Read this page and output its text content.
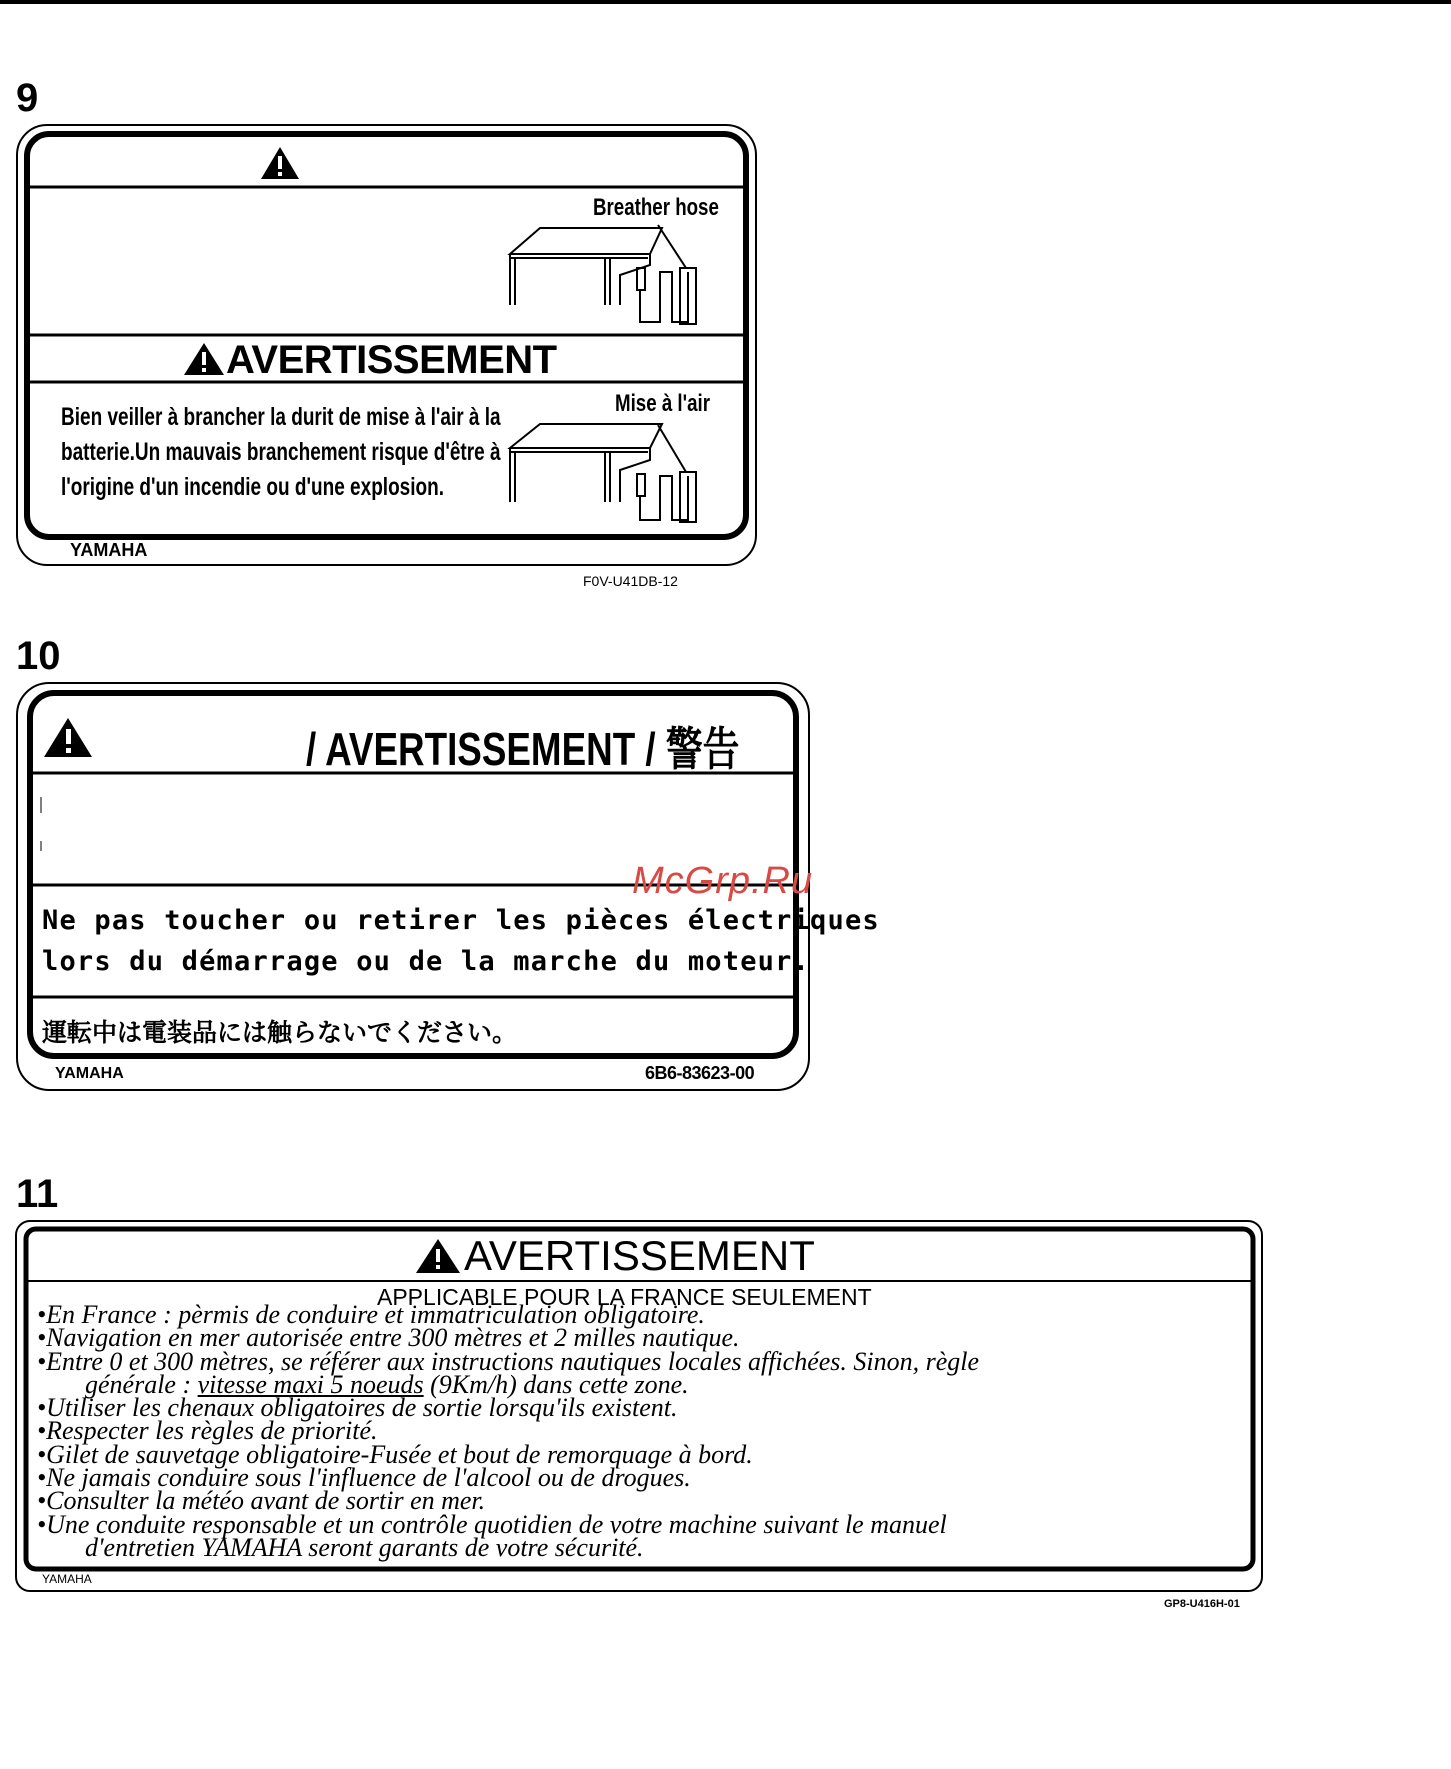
9
Breather hose
AVERTISSEMENT
Bien veiller à brancher la durit de mise à l'air à la
batterie.Un mauvais branchement risque d'être à
l'origine d'un incendie ou d'une explosion.
Mise à l'air
YAMAHA
F0V-U41DB-12
10
/ AVERTISSEMENT / 警告
Ne pas toucher ou retirer les pièces électriques
lors du démarrage ou de la marche du moteur.
運転中は電装品には触らないでください。
YAMAHA	6B6-83623-00
McGrp.Ru
11
AVERTISSEMENT
APPLICABLE POUR LA FRANCE SEULEMENT

•En France : pèrmis de conduire et immatriculation obligatoire.

•Navigation en mer autorisée entre 300 mètres et 2 milles nautique.

•Entre 0 et 300 mètres, se référer aux instructions nautiques locales affichées. Sinon, règle

générale : vitesse maxi 5 noeuds (9Km/h) dans cette zone.

•Utiliser les chenaux obligatoires de sortie lorsqu'ils existent.

•Respecter les règles de priorité.

•Gilet de sauvetage obligatoire-Fusée et bout de remorquage à bord.

•Ne jamais conduire sous l'influence de l'alcool ou de drogues.

•Consulter la météo avant de sortir en mer.

•Une conduite responsable et un contrôle quotidien de votre machine suivant le manuel

d'entretien YAMAHA seront garants de votre sécurité.

YAMAHA
GP8-U416H-01
